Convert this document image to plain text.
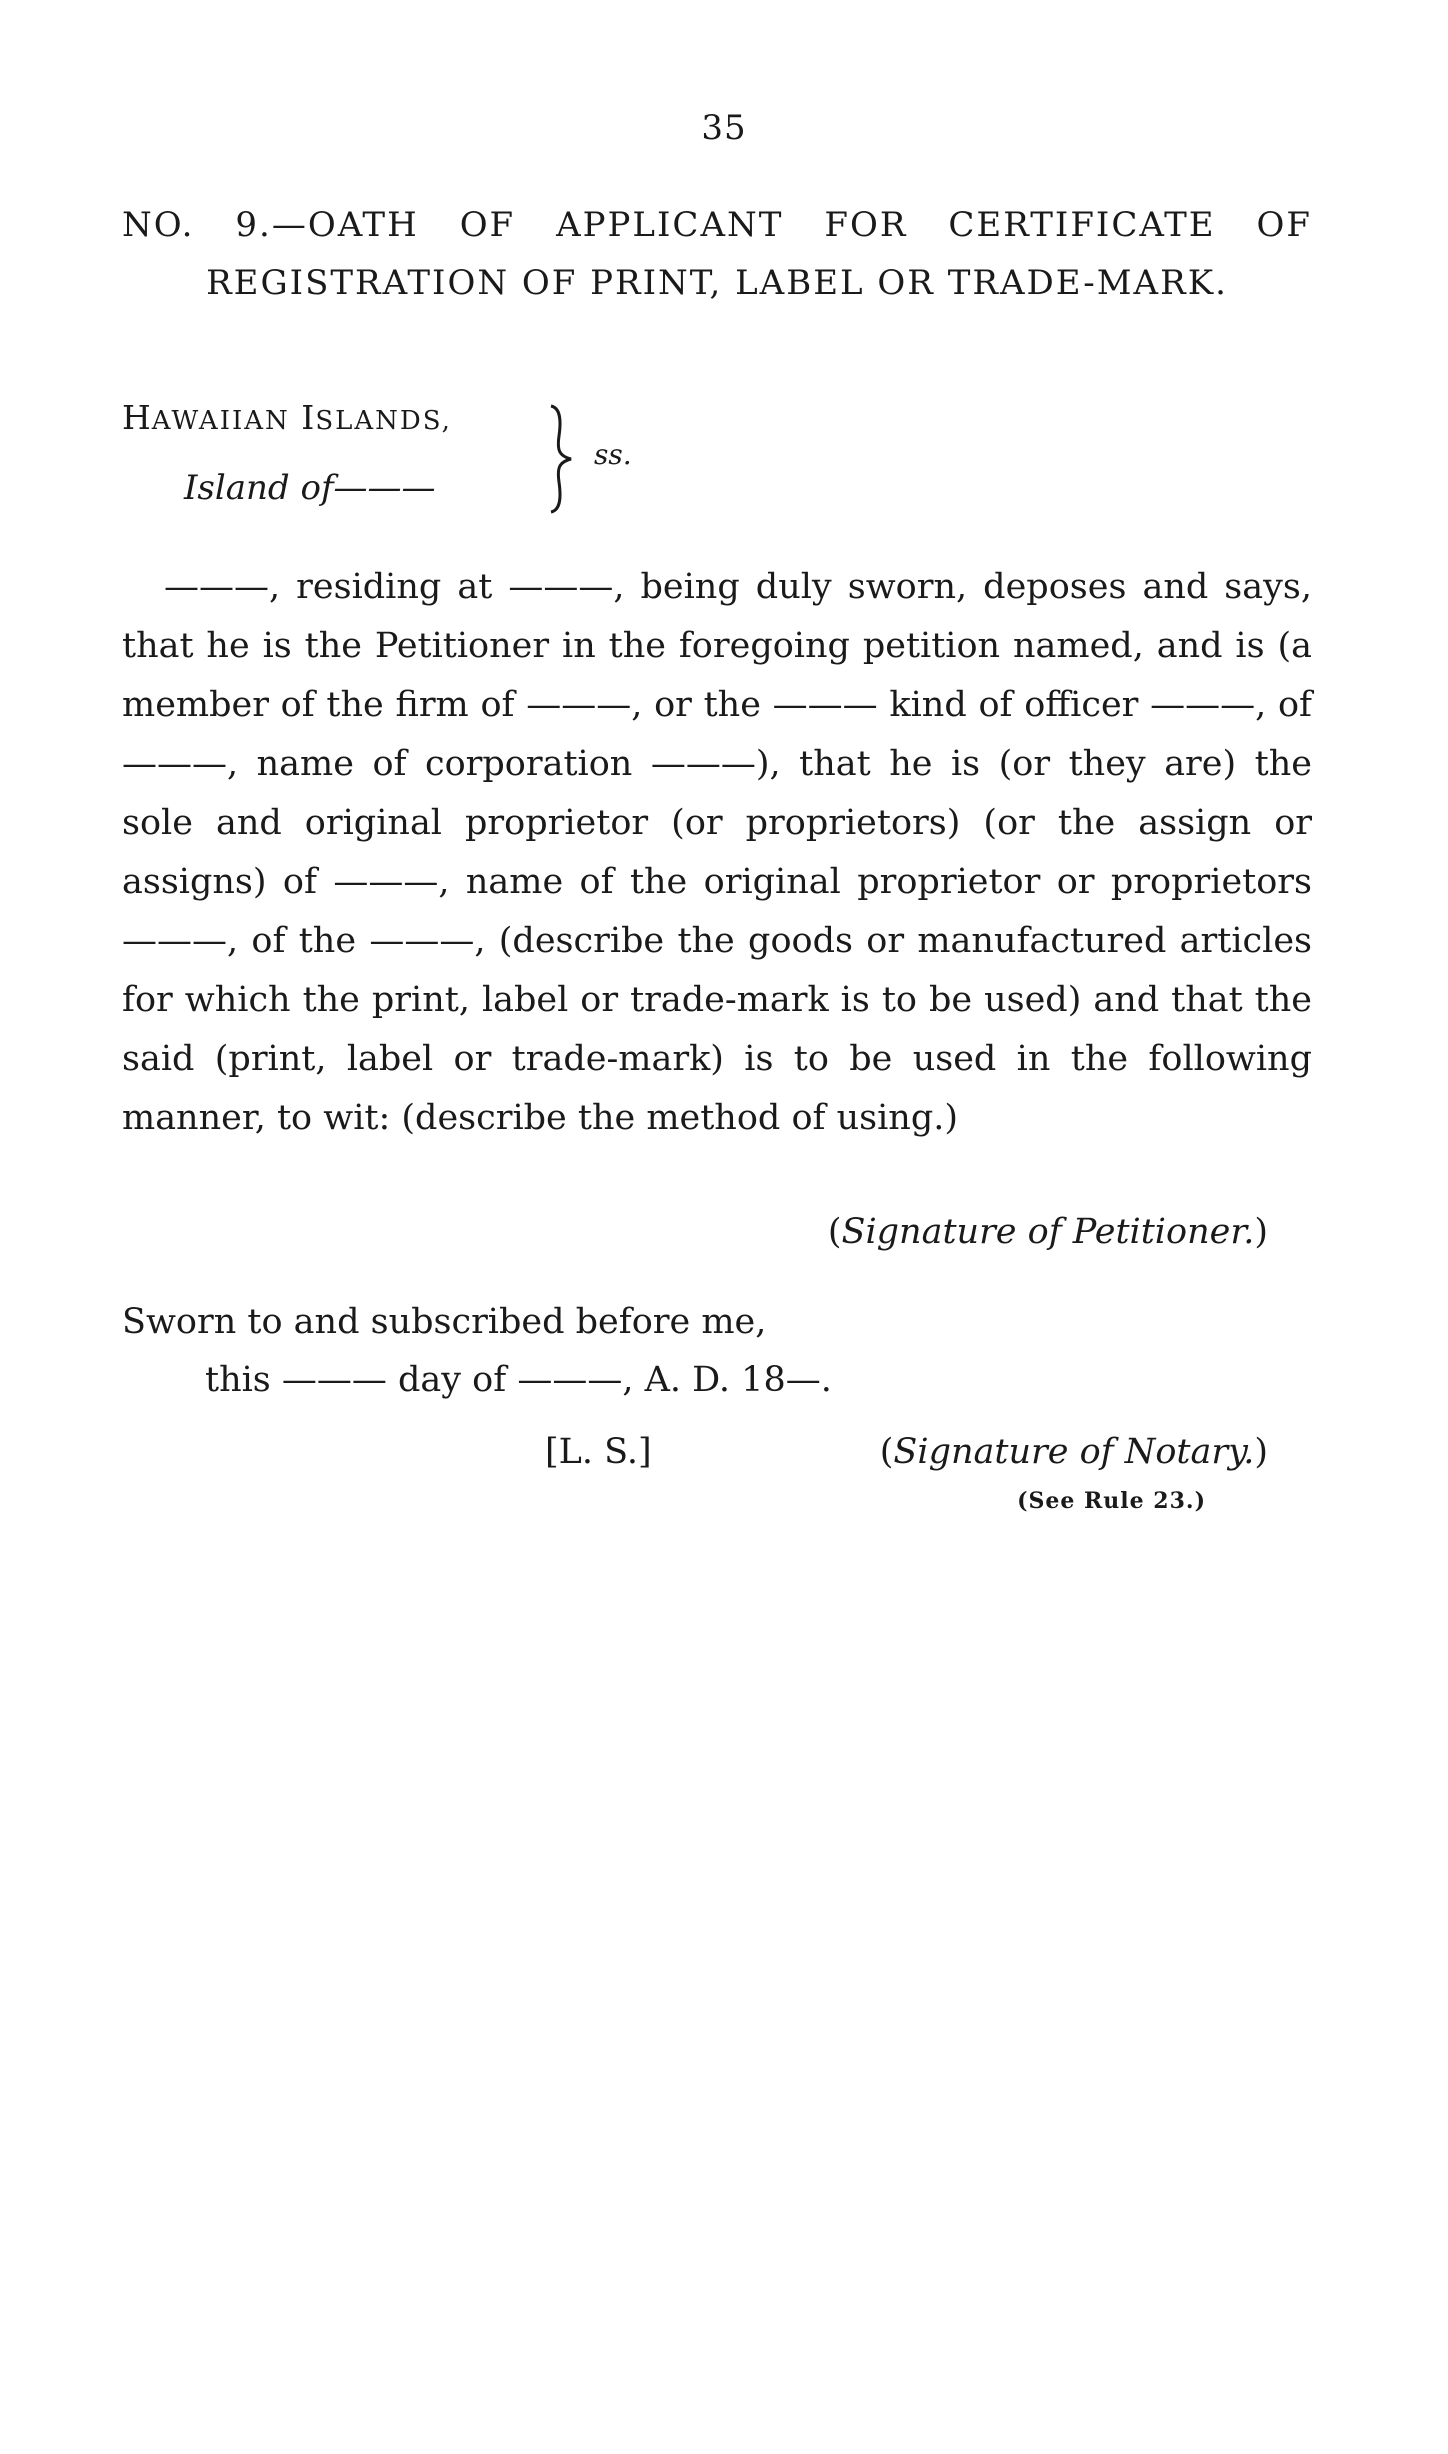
35
NO. 9.—OATH OF APPLICANT FOR CERTIFICATE OF REGISTRATION OF PRINT, LABEL OR TRADE-MARK.
HAWAIIAN ISLANDS,
Island of———
ss.

———, residing at ———, being duly sworn, deposes and says, that he is the Petitioner in the foregoing petition named, and is (a member of the firm of ———, or the ——— kind of officer ———, of ———, name of corporation ———), that he is (or they are) the sole and original proprietor (or proprietors) (or the assign or assigns) of ———, name of the original proprietor or proprietors ———, of the ———, (describe the goods or manufactured articles for which the print, label or trade-mark is to be used) and that the said (print, label or trade-mark) is to be used in the following manner, to wit: (describe the method of using.)

(Signature of Petitioner.)
Sworn to and subscribed before me,
this ——— day of ———, A. D. 18—.
[L. S.]	(Signature of Notary.)
(See Rule 23.)
